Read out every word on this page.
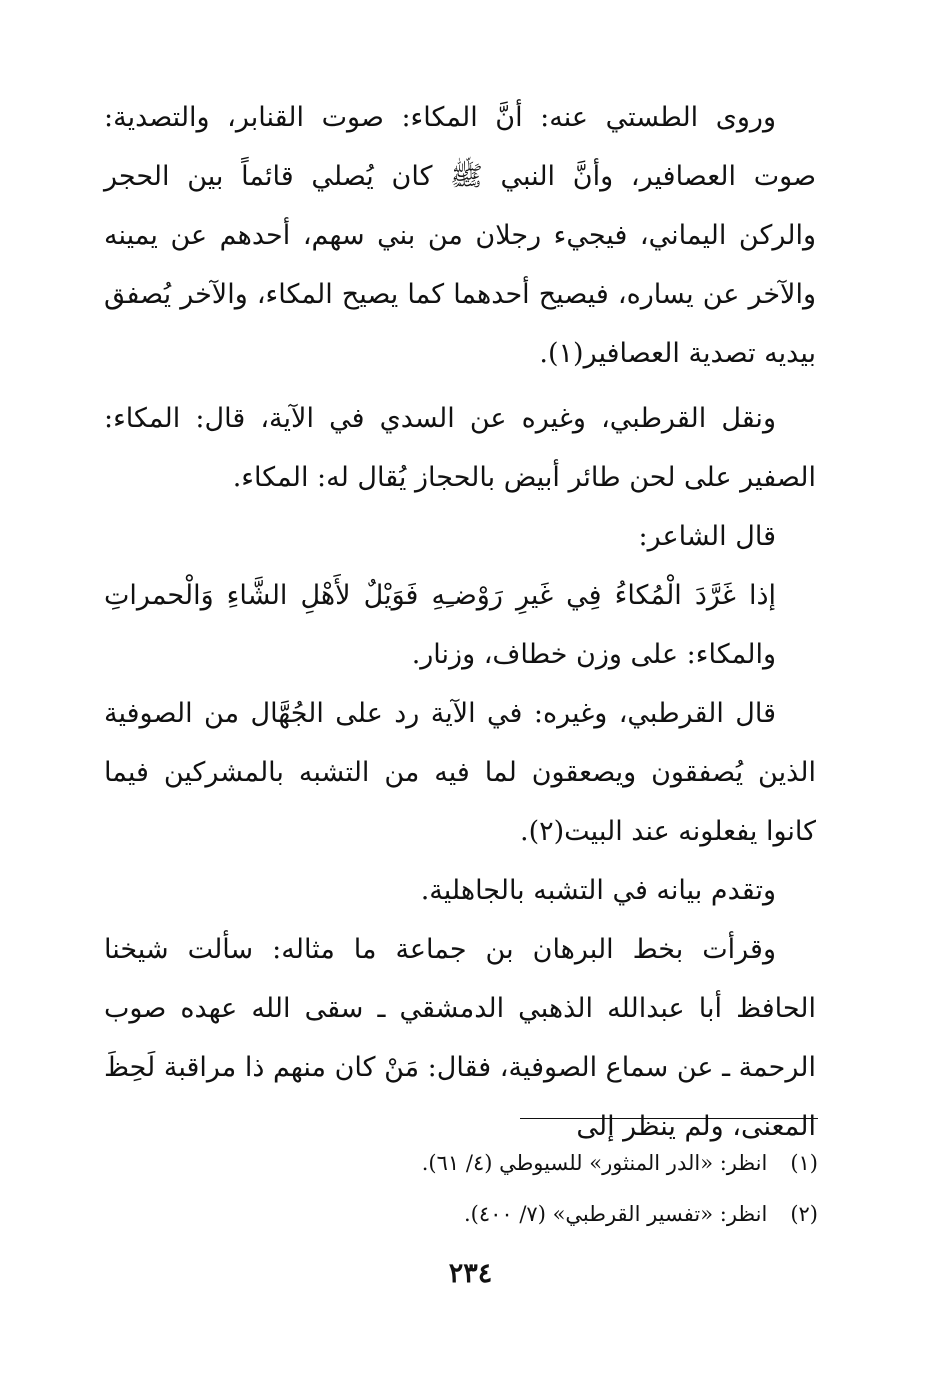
وروى الطستي عنه: أنَّ المكاء: صوت القنابر، والتصدية: صوت العصافير، وأنَّ النبي ﷺ كان يُصلي قائماً بين الحجر والركن اليماني، فيجيء رجلان من بني سهم، أحدهم عن يمينه والآخر عن يساره، فيصيح أحدهما كما يصيح المكاء، والآخر يُصفق بيديه تصدية العصافير(١).

ونقل القرطبي، وغيره عن السدي في الآية، قال: المكاء: الصفير على لحن طائر أبيض بالحجاز يُقال له: المكاء.

قال الشاعر:

إذا غَرَّدَ الْمُكاءُ فِي غَيرِ رَوْضـِهِ فَوَيْلٌ لأَهْلِ الشَّاءِ وَالْحمراتِ

والمكاء: على وزن خطاف، وزنار.

قال القرطبي، وغيره: في الآية رد على الجُهَّال من الصوفية الذين يُصفقون ويصعقون لما فيه من التشبه بالمشركين فيما كانوا يفعلونه عند البيت(٢).

وتقدم بيانه في التشبه بالجاهلية.

وقرأت بخط البرهان بن جماعة ما مثاله: سألت شيخنا الحافظ أبا عبدالله الذهبي الدمشقي ـ سقى الله عهده صوب الرحمة ـ عن سماع الصوفية، فقال: مَنْ كان منهم ذا مراقبة لَحِظَ المعنى، ولم ينظر إلى

(١) انظر: «الدر المنثور» للسيوطي (٤/ ٦١).
(٢) انظر: «تفسير القرطبي» (٧/ ٤٠٠).
٢٣٤
